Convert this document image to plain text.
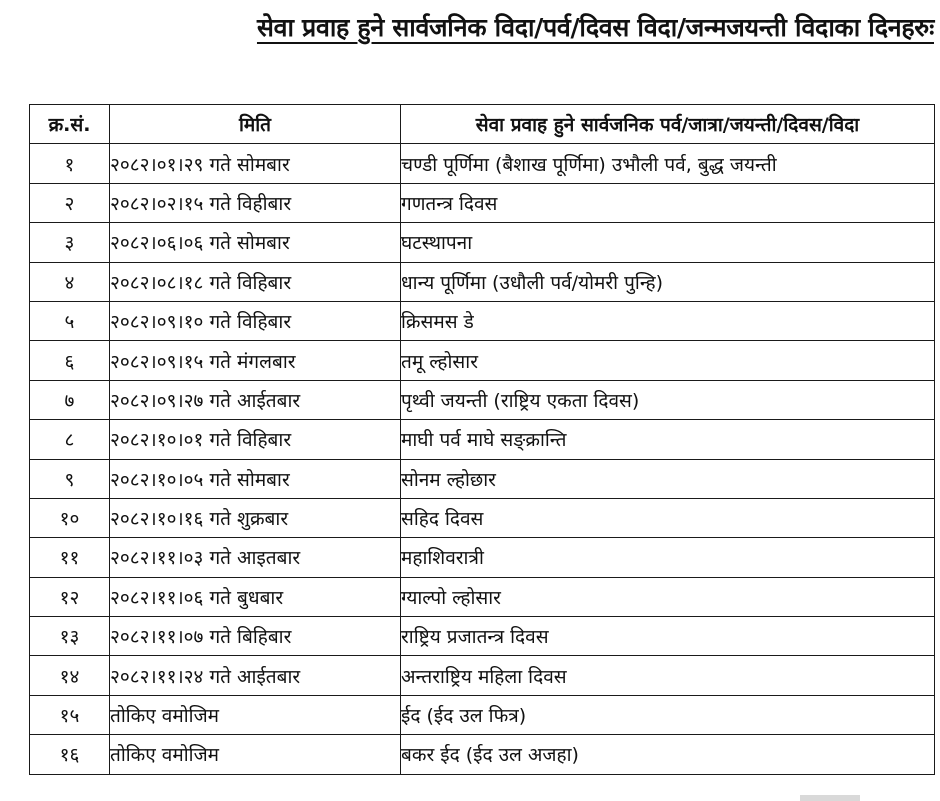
सेवा प्रवाह हुने सार्वजनिक विदा/पर्व/दिवस विदा/जन्मजयन्ती विदाका दिनहरुः
क्र.सं.	मिति	सेवा प्रवाह हुने सार्वजनिक पर्व/जात्रा/जयन्ती/दिवस/विदा
१	२०८२।०१।२९ गते सोमबार	चण्डी पूर्णिमा (बैशाख पूर्णिमा) उभौली पर्व, बुद्ध जयन्ती
२	२०८२।०२।१५ गते विहीबार	गणतन्त्र दिवस
३	२०८२।०६।०६ गते सोमबार	घटस्थापना
४	२०८२।०८।१८ गते विहिबार	धान्य पूर्णिमा (उधौली पर्व/योमरी पुन्हि)
५	२०८२।०९।१० गते विहिबार	क्रिसमस डे
६	२०८२।०९।१५ गते मंगलबार	तमू ल्होसार
७	२०८२।०९।२७ गते आईतबार	पृथ्वी जयन्ती (राष्ट्रिय एकता दिवस)
८	२०८२।१०।०१ गते विहिबार	माघी पर्व माघे सङ्क्रान्ति
९	२०८२।१०।०५ गते सोमबार	सोनम ल्होछार
१०	२०८२।१०।१६ गते शुक्रबार	सहिद दिवस
११	२०८२।११।०३ गते आइतबार	महाशिवरात्री
१२	२०८२।११।०६ गते बुधबार	ग्याल्पो ल्होसार
१३	२०८२।११।०७ गते बिहिबार	राष्ट्रिय प्रजातन्त्र दिवस
१४	२०८२।११।२४ गते आईतबार	अन्तराष्ट्रिय महिला दिवस
१५	तोकिए वमोजिम	ईद (ईद उल फित्र)
१६	तोकिए वमोजिम	बकर ईद (ईद उल अजहा)
